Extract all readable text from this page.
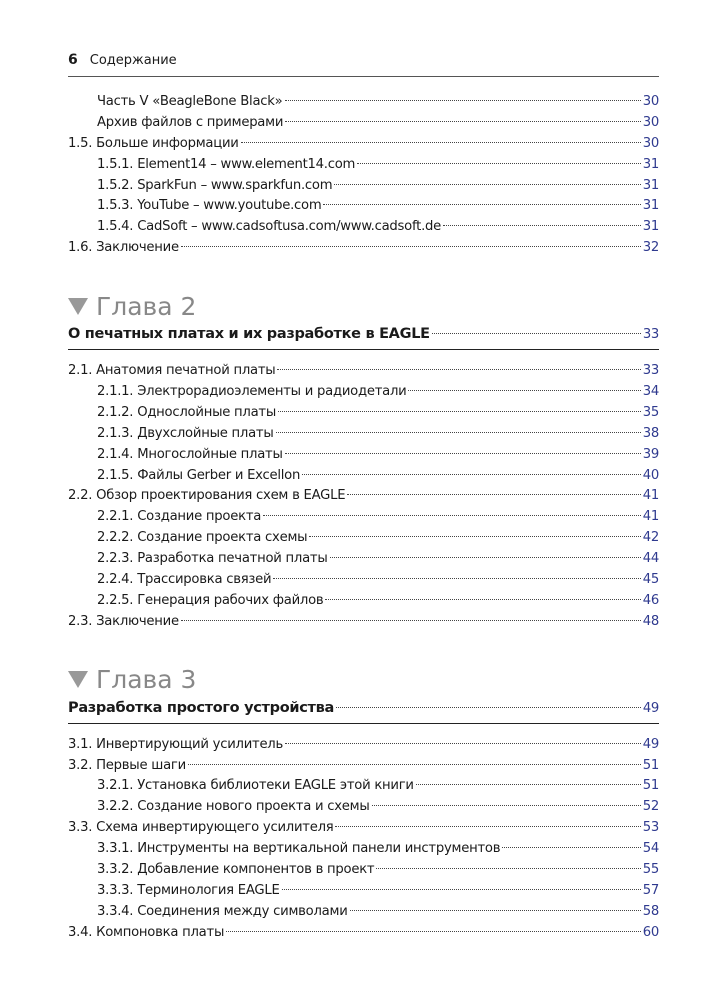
6 Содержание
Часть V «BeagleBone Black»	30
Архив файлов с примерами	30
1.5. Больше информации	30
1.5.1. Element14 – www.element14.com	31
1.5.2. SparkFun – www.sparkfun.com	31
1.5.3. YouTube – www.youtube.com	31
1.5.4. CadSoft – www.cadsoftusa.com/www.cadsoft.de	31
1.6. Заключение	32
Глава 2
О печатных платах и их разработке в EAGLE	33
2.1. Анатомия печатной платы	33
2.1.1. Электрорадиоэлементы и радиодетали	34
2.1.2. Однослойные платы	35
2.1.3. Двухслойные платы	38
2.1.4. Многослойные платы	39
2.1.5. Файлы Gerber и Excellon	40
2.2. Обзор проектирования схем в EAGLE	41
2.2.1. Создание проекта	41
2.2.2. Создание проекта схемы	42
2.2.3. Разработка печатной платы	44
2.2.4. Трассировка связей	45
2.2.5. Генерация рабочих файлов	46
2.3. Заключение	48
Глава 3
Разработка простого устройства	49
3.1. Инвертирующий усилитель	49
3.2. Первые шаги	51
3.2.1. Установка библиотеки EAGLE этой книги	51
3.2.2. Создание нового проекта и схемы	52
3.3. Схема инвертирующего усилителя	53
3.3.1. Инструменты на вертикальной панели инструментов	54
3.3.2. Добавление компонентов в проект	55
3.3.3. Терминология EAGLE	57
3.3.4. Соединения между символами	58
3.4. Компоновка платы	60
